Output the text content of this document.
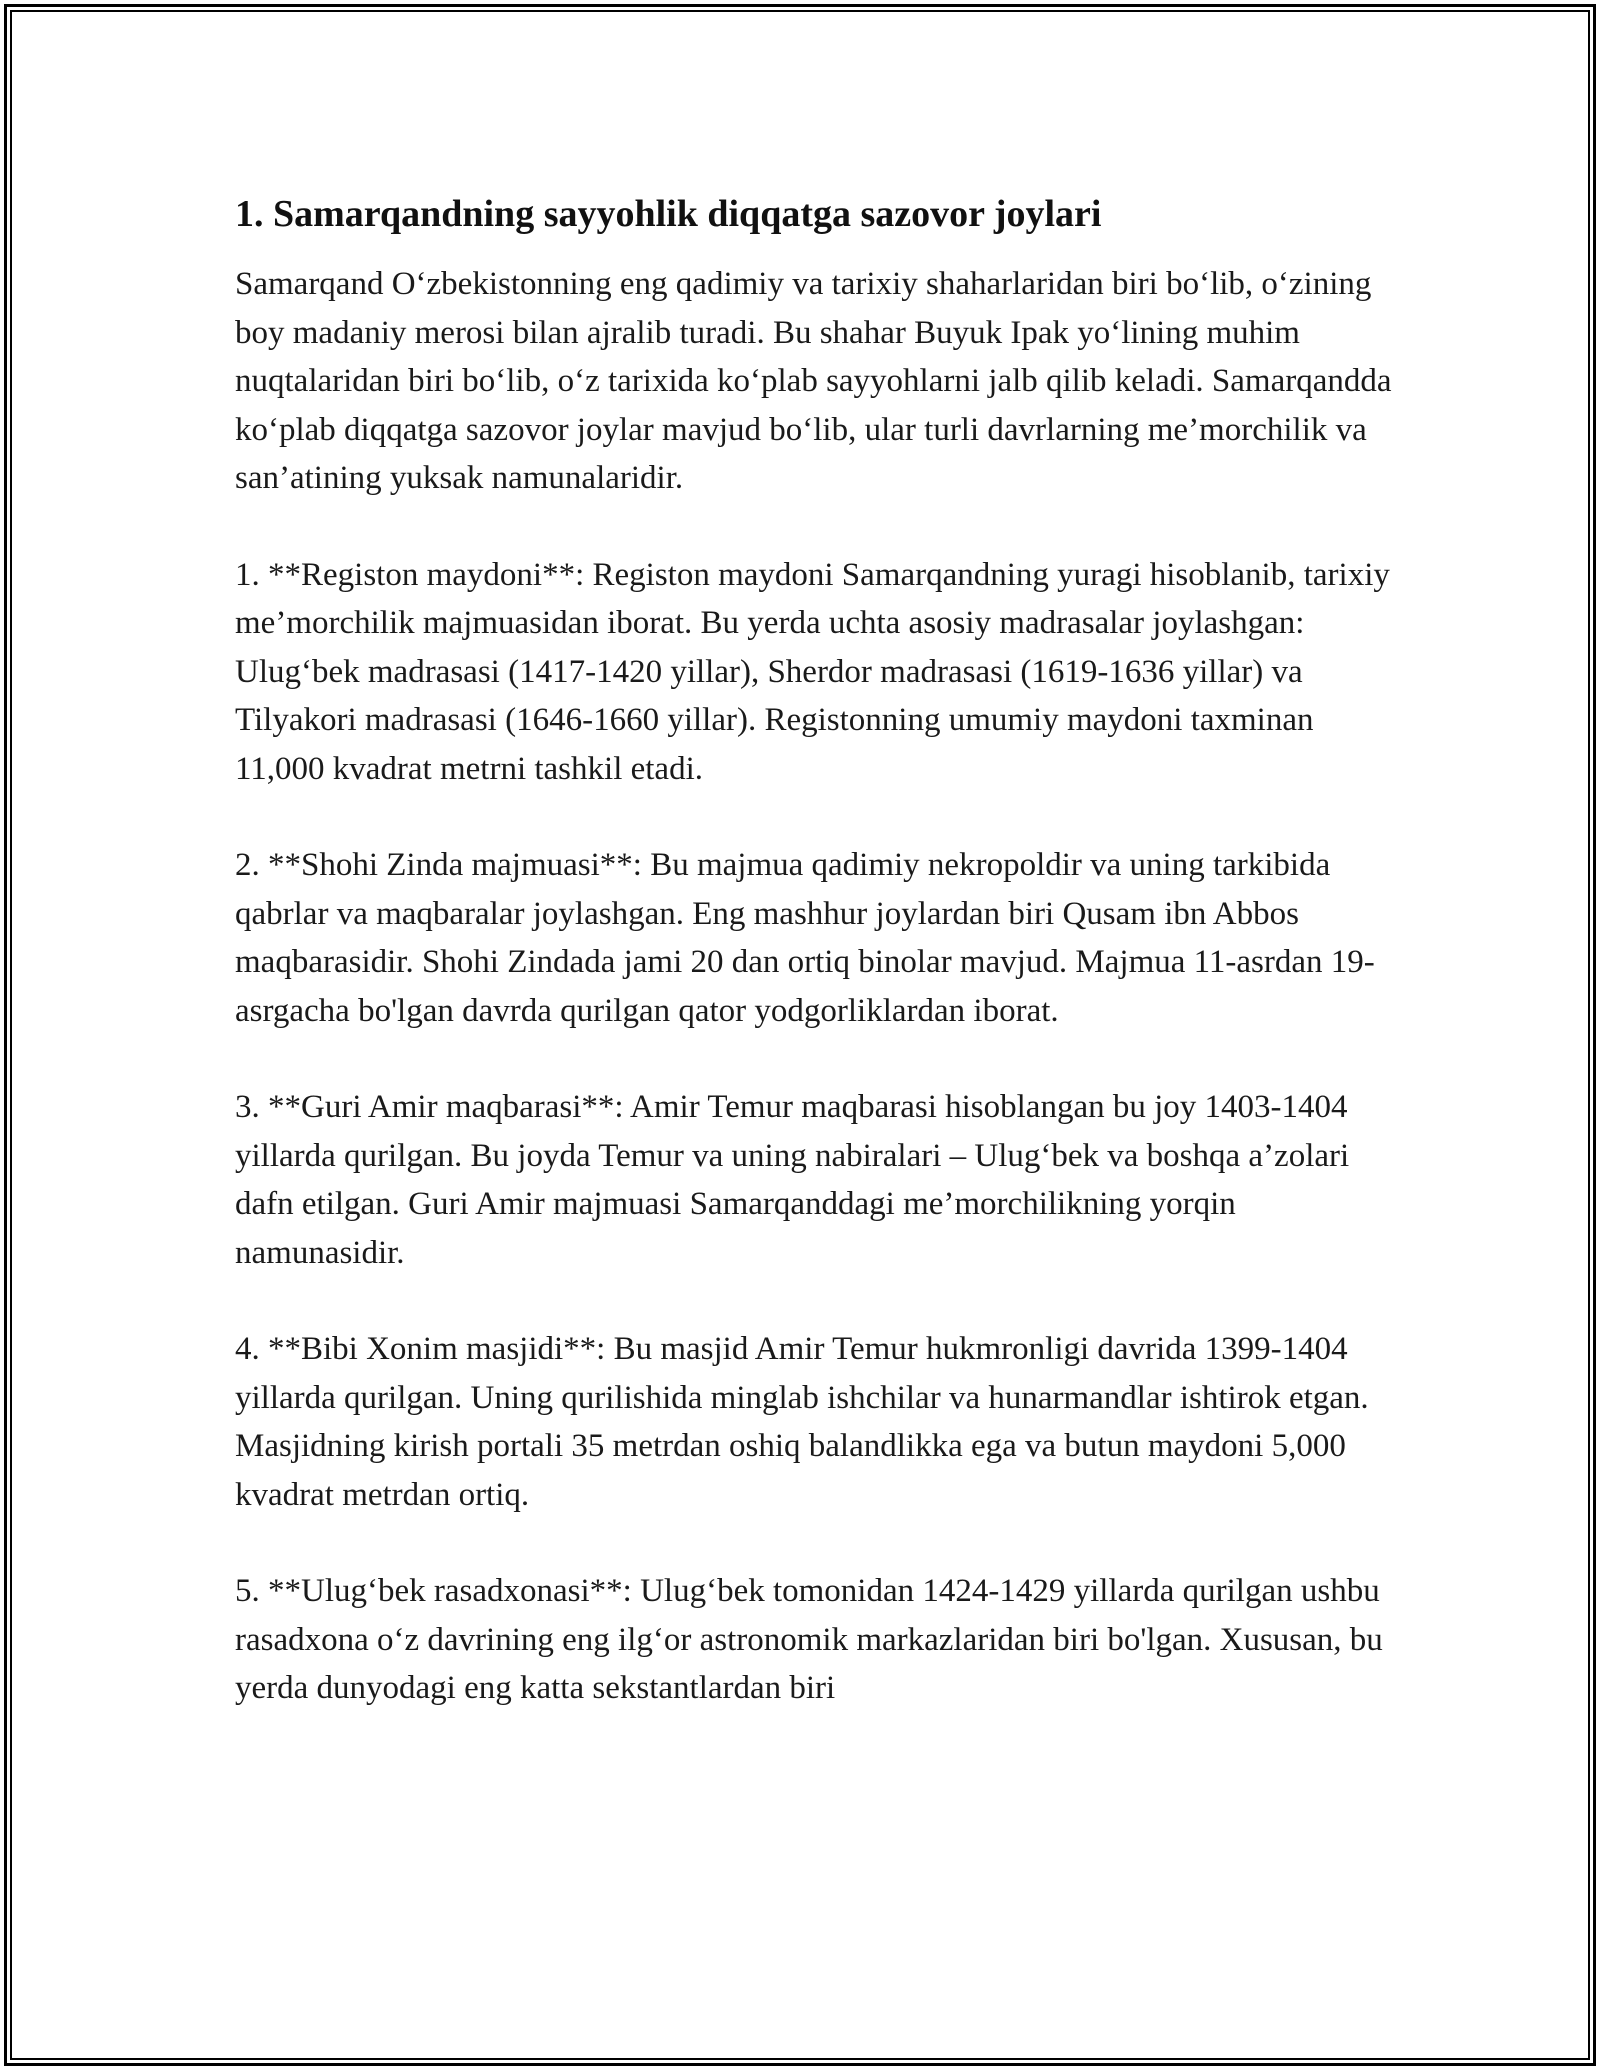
1. Samarqandning sayyohlik diqqatga sazovor joylari

Samarqand O‘zbekistonning eng qadimiy va tarixiy shaharlaridan biri bo‘lib, o‘zining boy madaniy merosi bilan ajralib turadi. Bu shahar Buyuk Ipak yo‘lining muhim nuqtalaridan biri bo‘lib, o‘z tarixida ko‘plab sayyohlarni jalb qilib keladi. Samarqandda ko‘plab diqqatga sazovor joylar mavjud bo‘lib, ular turli davrlarning me’morchilik va san’atining yuksak namunalaridir.

1. **Registon maydoni**: Registon maydoni Samarqandning yuragi hisoblanib, tarixiy me’morchilik majmuasidan iborat. Bu yerda uchta asosiy madrasalar joylashgan: Ulug‘bek madrasasi (1417-1420 yillar), Sherdor madrasasi (1619-1636 yillar) va Tilyakori madrasasi (1646-1660 yillar). Registonning umumiy maydoni taxminan 11,000 kvadrat metrni tashkil etadi.

2. **Shohi Zinda majmuasi**: Bu majmua qadimiy nekropoldir va uning tarkibida qabrlar va maqbaralar joylashgan. Eng mashhur joylardan biri Qusam ibn Abbos maqbarasidir. Shohi Zindada jami 20 dan ortiq binolar mavjud. Majmua 11-asrdan 19-asrgacha bo'lgan davrda qurilgan qator yodgorliklardan iborat.

3. **Guri Amir maqbarasi**: Amir Temur maqbarasi hisoblangan bu joy 1403-1404 yillarda qurilgan. Bu joyda Temur va uning nabiralari – Ulug‘bek va boshqa a’zolari dafn etilgan. Guri Amir majmuasi Samarqanddagi me’morchilikning yorqin namunasidir.

4. **Bibi Xonim masjidi**: Bu masjid Amir Temur hukmronligi davrida 1399-1404 yillarda qurilgan. Uning qurilishida minglab ishchilar va hunarmandlar ishtirok etgan. Masjidning kirish portali 35 metrdan oshiq balandlikka ega va butun maydoni 5,000 kvadrat metrdan ortiq.

5. **Ulug‘bek rasadxonasi**: Ulug‘bek tomonidan 1424-1429 yillarda qurilgan ushbu rasadxona o‘z davrining eng ilg‘or astronomik markazlaridan biri bo'lgan. Xususan, bu yerda dunyodagi eng katta sekstantlardan biri
